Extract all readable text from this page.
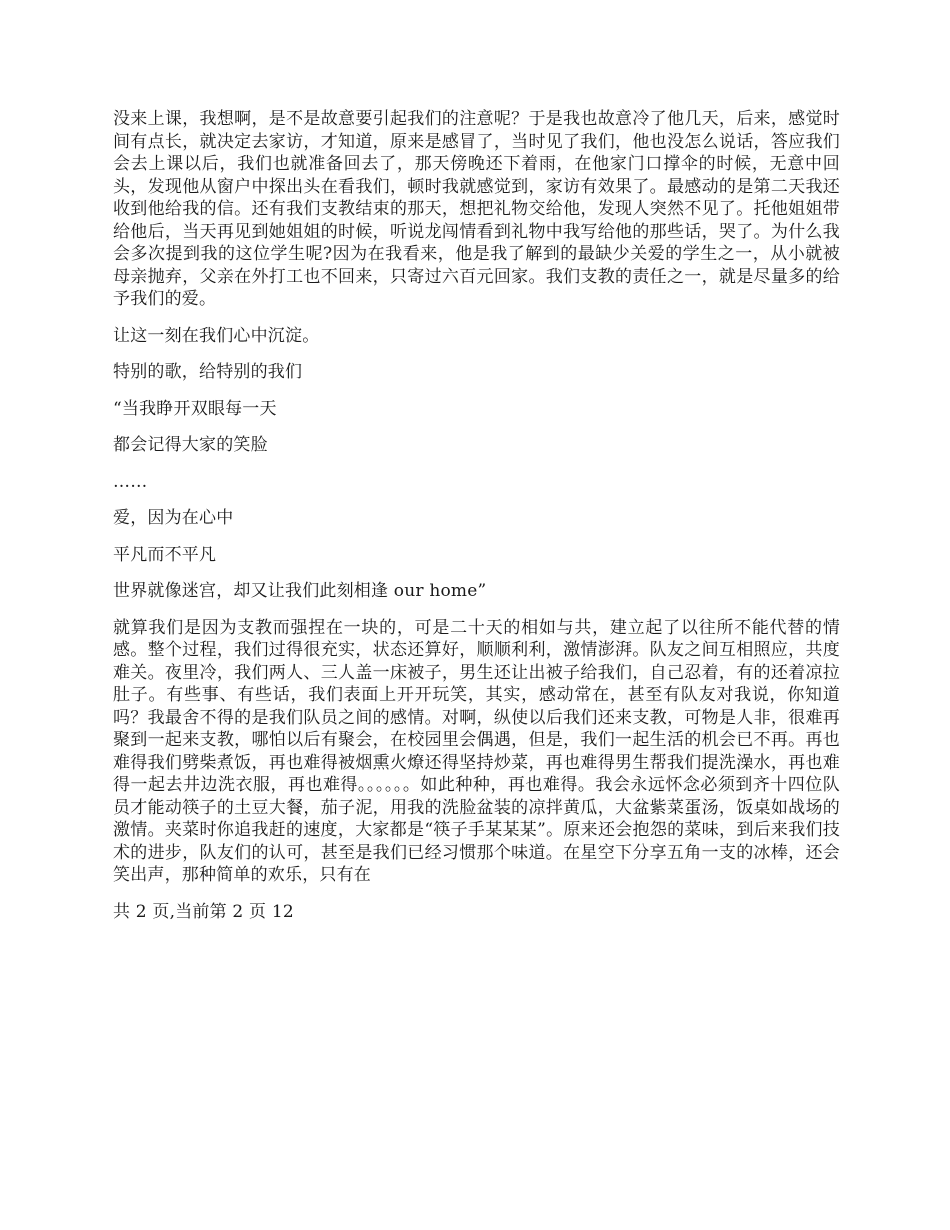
没来上课，我想啊，是不是故意要引起我们的注意呢？于是我也故意冷了他几天，后来，感觉时间有点长，就决定去家访，才知道，原来是感冒了，当时见了我们，他也没怎么说话，答应我们会去上课以后，我们也就准备回去了，那天傍晚还下着雨，在他家门口撑伞的时候，无意中回头，发现他从窗户中探出头在看我们，顿时我就感觉到，家访有效果了。最感动的是第二天我还收到他给我的信。还有我们支教结束的那天，想把礼物交给他，发现人突然不见了。托他姐姐带给他后，当天再见到她姐姐的时候，听说龙闯情看到礼物中我写给他的那些话，哭了。为什么我会多次提到我的这位学生呢?因为在我看来，他是我了解到的最缺少关爱的学生之一，从小就被母亲抛弃，父亲在外打工也不回来，只寄过六百元回家。我们支教的责任之一，就是尽量多的给予我们的爱。

让这一刻在我们心中沉淀。

特别的歌，给特别的我们

“当我睁开双眼每一天

都会记得大家的笑脸

……

爱，因为在心中

平凡而不平凡

世界就像迷宫，却又让我们此刻相逢 our home”

就算我们是因为支教而强捏在一块的，可是二十天的相如与共，建立起了以往所不能代替的情感。整个过程，我们过得很充实，状态还算好，顺顺利利，激情澎湃。队友之间互相照应，共度难关。夜里冷，我们两人、三人盖一床被子，男生还让出被子给我们，自己忍着，有的还着凉拉肚子。有些事、有些话，我们表面上开开玩笑，其实，感动常在，甚至有队友对我说，你知道吗？我最舍不得的是我们队员之间的感情。对啊，纵使以后我们还来支教，可物是人非，很难再聚到一起来支教，哪怕以后有聚会，在校园里会偶遇，但是，我们一起生活的机会已不再。再也难得我们劈柴煮饭，再也难得被烟熏火燎还得坚持炒菜，再也难得男生帮我们提洗澡水，再也难得一起去井边洗衣服，再也难得。。。。。。如此种种，再也难得。我会永远怀念必须到齐十四位队员才能动筷子的土豆大餐，茄子泥，用我的洗脸盆装的凉拌黄瓜，大盆紫菜蛋汤，饭桌如战场的激情。夹菜时你追我赶的速度，大家都是“筷子手某某某”。原来还会抱怨的菜味，到后来我们技术的进步，队友们的认可，甚至是我们已经习惯那个味道。在星空下分享五角一支的冰棒，还会笑出声，那种简单的欢乐，只有在

共 2 页,当前第 2 页 12
